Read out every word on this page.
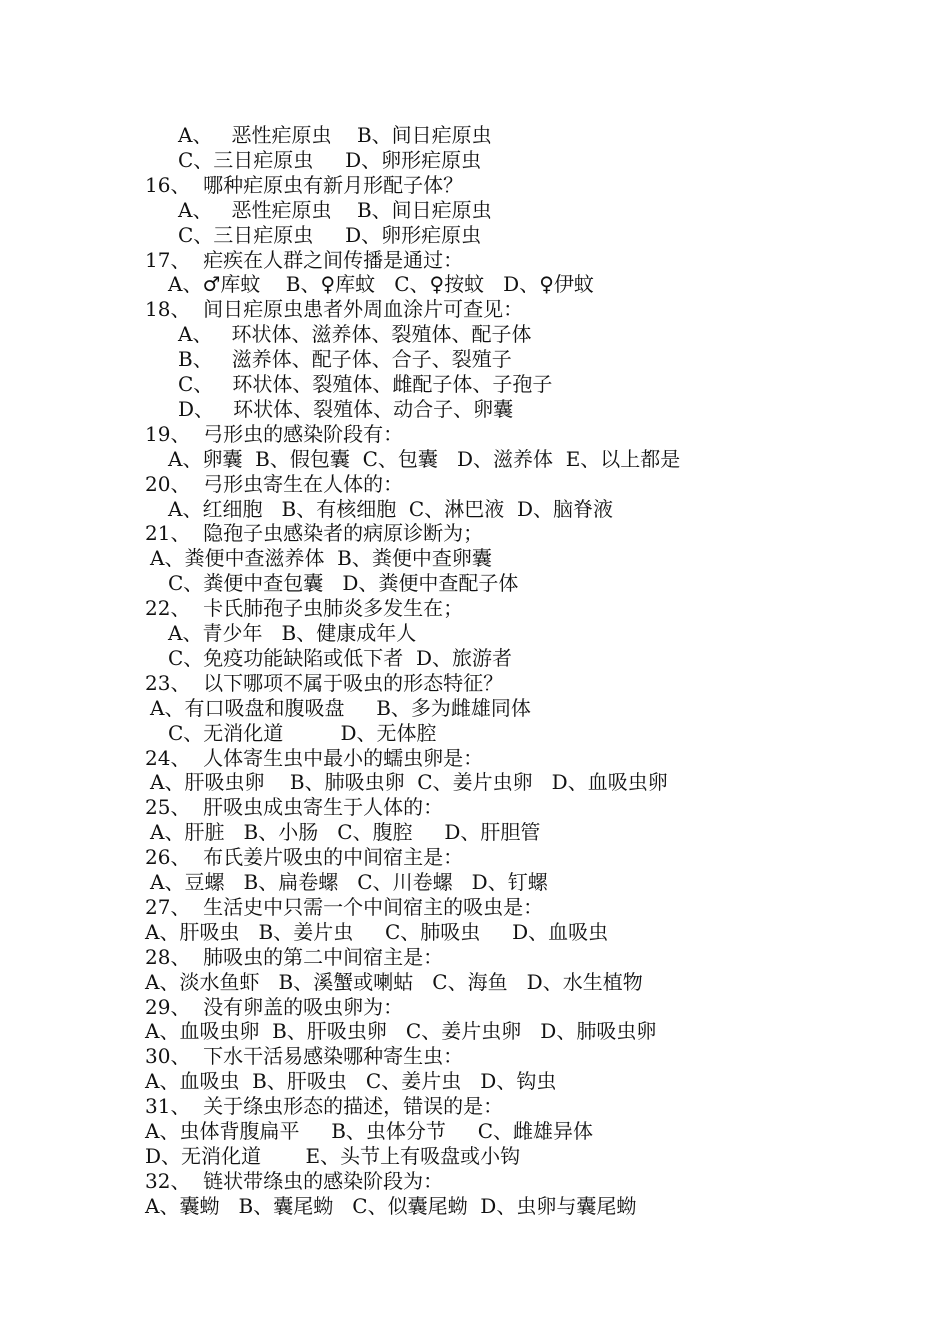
A、   恶性疟原虫    B、间日疟原虫
C、三日疟原虫     D、卵形疟原虫
16、  哪种疟原虫有新月形配子体？
A、   恶性疟原虫    B、间日疟原虫
C、三日疟原虫     D、卵形疟原虫
17、  疟疾在人群之间传播是通过：
A、♂库蚊    B、♀库蚊   C、♀按蚊   D、♀伊蚊
18、  间日疟原虫患者外周血涂片可查见：
A、   环状体、滋养体、裂殖体、配子体
B、   滋养体、配子体、合子、裂殖子
C、   环状体、裂殖体、雌配子体、子孢子
D、   环状体、裂殖体、动合子、卵囊
19、  弓形虫的感染阶段有：
A、卵囊  B、假包囊  C、包囊   D、滋养体  E、以上都是
20、  弓形虫寄生在人体的：
A、红细胞   B、有核细胞  C、淋巴液  D、脑脊液
21、  隐孢子虫感染者的病原诊断为；
A、粪便中查滋养体  B、粪便中查卵囊
C、粪便中查包囊   D、粪便中查配子体
22、  卡氏肺孢子虫肺炎多发生在；
A、青少年   B、健康成年人
C、免疫功能缺陷或低下者  D、旅游者
23、  以下哪项不属于吸虫的形态特征？
A、有口吸盘和腹吸盘     B、多为雌雄同体
C、无消化道         D、无体腔
24、  人体寄生虫中最小的蠕虫卵是：
A、肝吸虫卵    B、肺吸虫卵  C、姜片虫卵   D、血吸虫卵
25、  肝吸虫成虫寄生于人体的：
A、肝脏   B、小肠   C、腹腔     D、肝胆管
26、  布氏姜片吸虫的中间宿主是：
A、豆螺   B、扁卷螺   C、川卷螺   D、钉螺
27、  生活史中只需一个中间宿主的吸虫是：
A、肝吸虫   B、姜片虫     C、肺吸虫     D、血吸虫
28、  肺吸虫的第二中间宿主是：
A、淡水鱼虾   B、溪蟹或喇蛄   C、海鱼   D、水生植物
29、  没有卵盖的吸虫卵为：
A、血吸虫卵  B、肝吸虫卵   C、姜片虫卵   D、肺吸虫卵
30、  下水干活易感染哪种寄生虫：
A、血吸虫  B、肝吸虫   C、姜片虫   D、钩虫
31、  关于绦虫形态的描述，错误的是：
A、虫体背腹扁平     B、虫体分节     C、雌雄异体
D、无消化道       E、头节上有吸盘或小钩
32、  链状带绦虫的感染阶段为：
A、囊蚴   B、囊尾蚴   C、似囊尾蚴  D、虫卵与囊尾蚴
